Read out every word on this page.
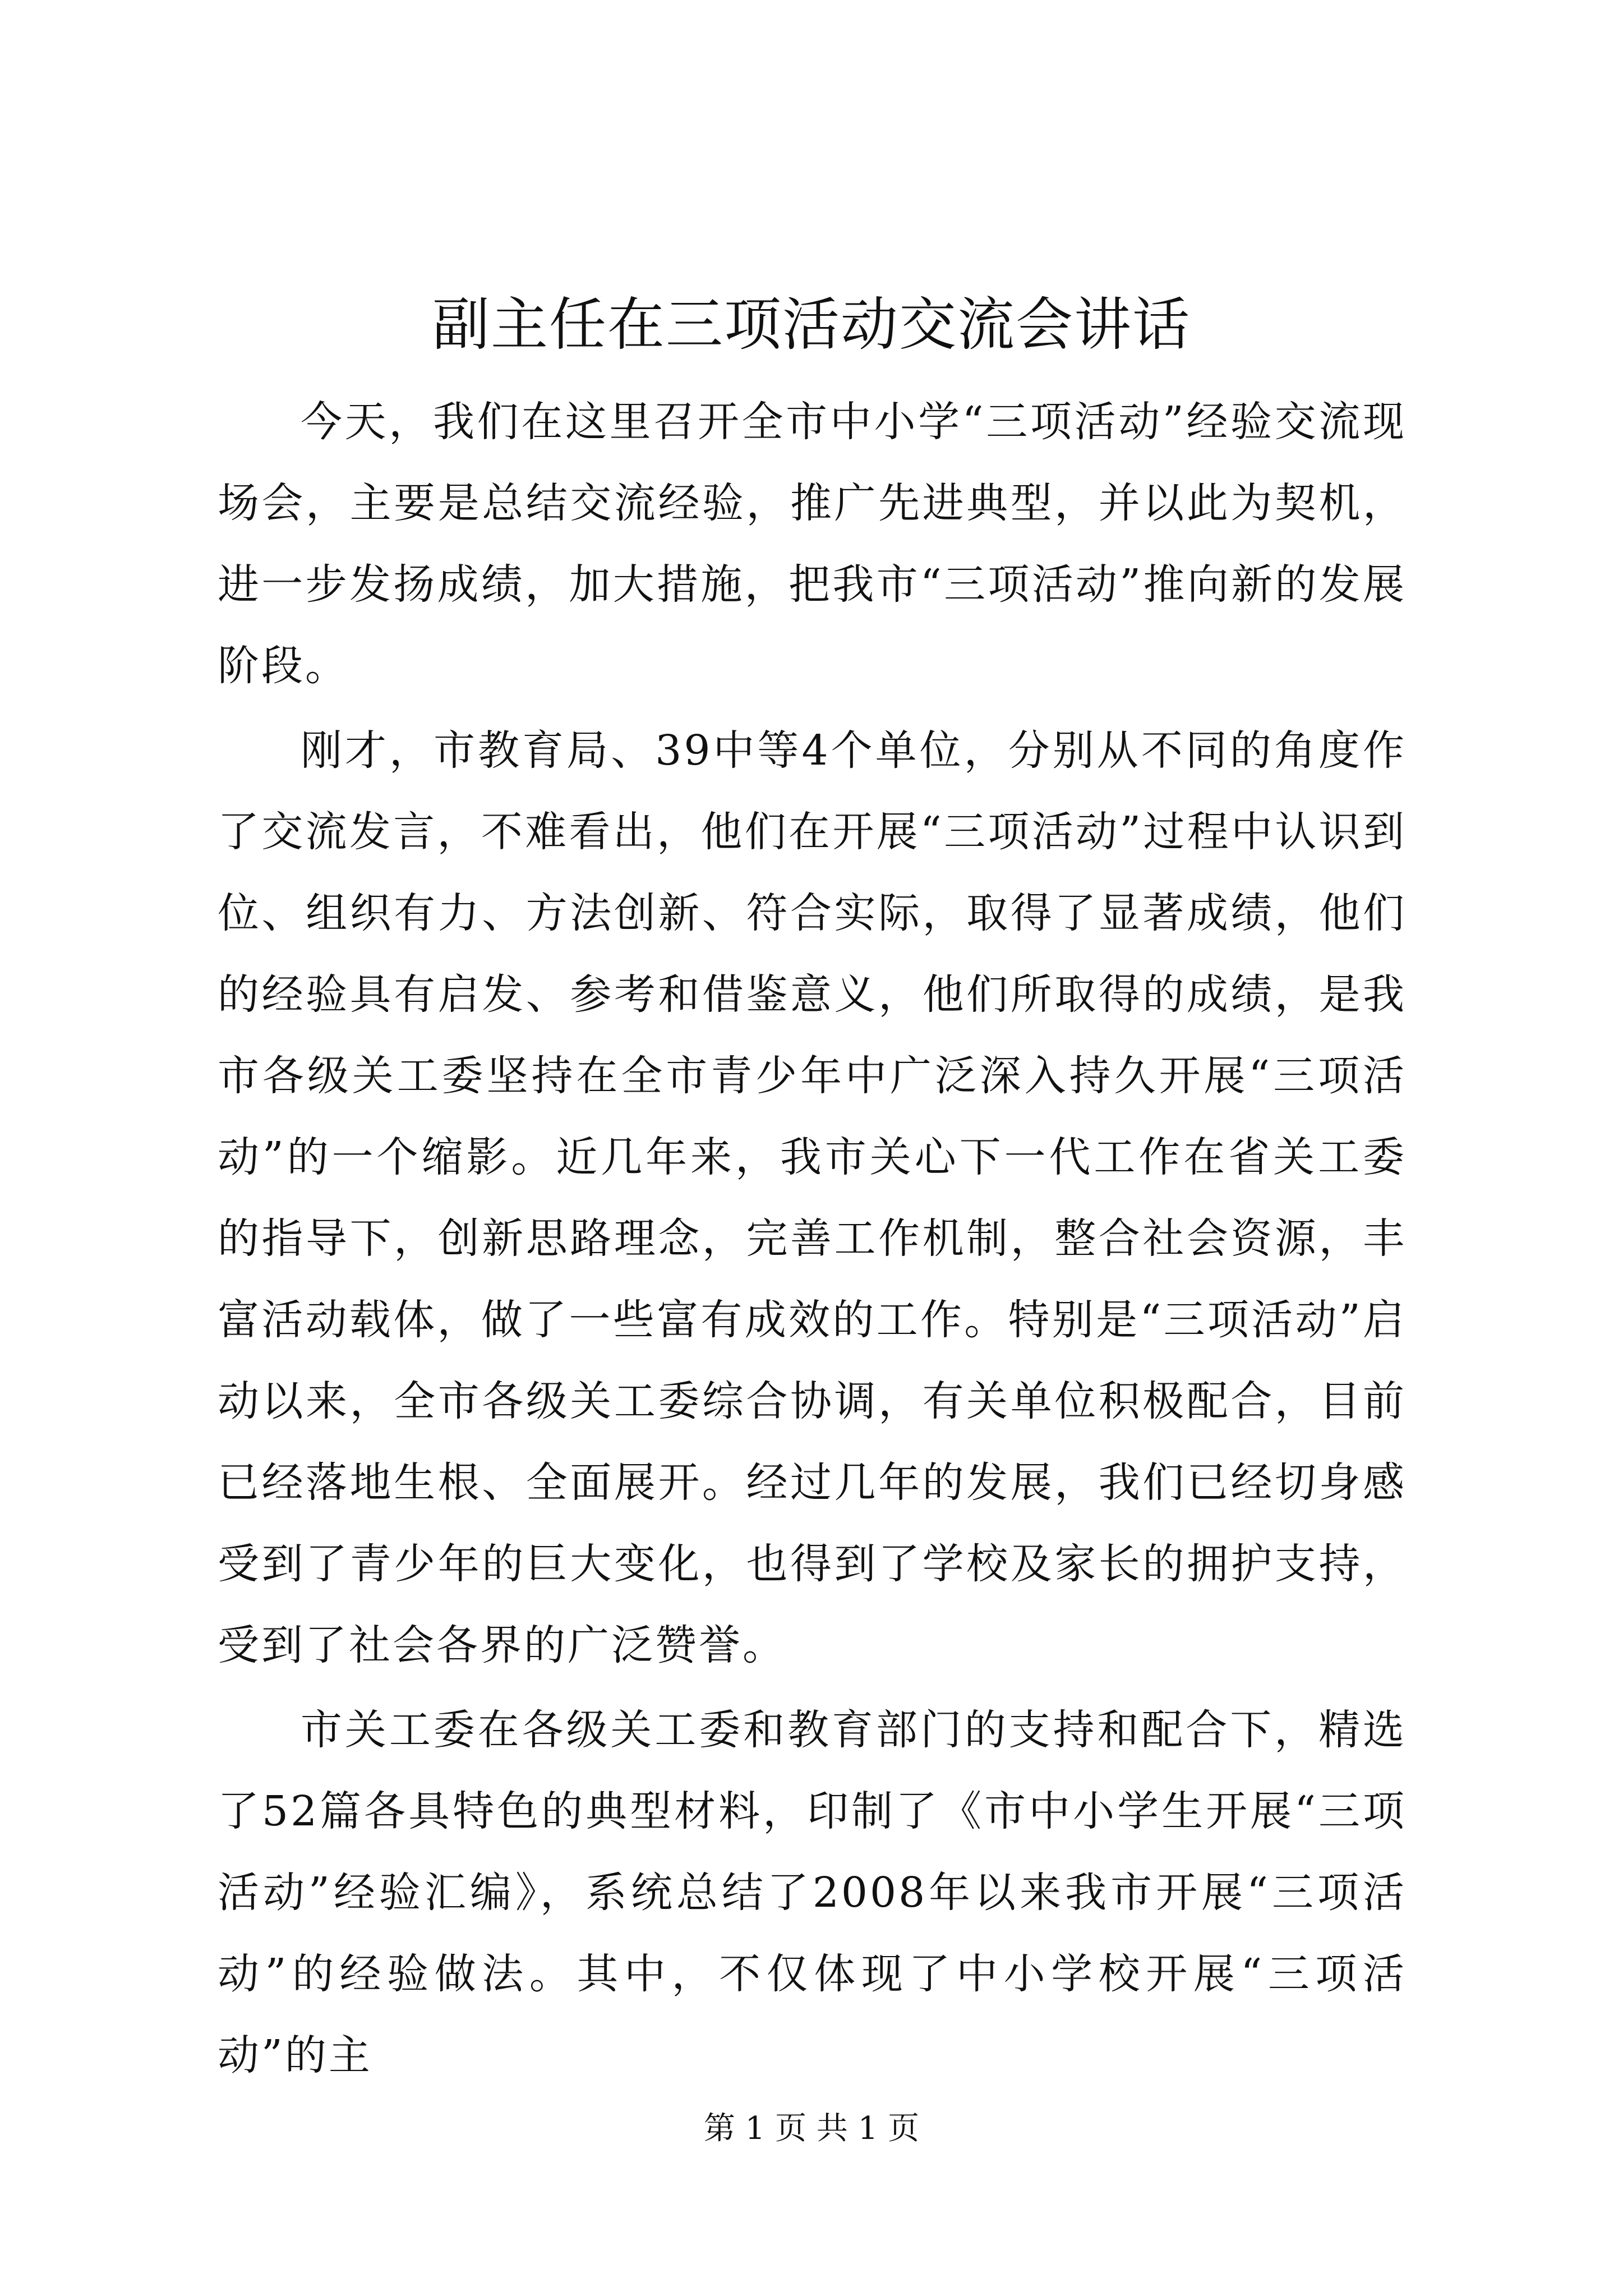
副主任在三项活动交流会讲话

今天，我们在这里召开全市中小学“三项活动”经验交流现场会，主要是总结交流经验，推广先进典型，并以此为契机，进一步发扬成绩，加大措施，把我市“三项活动”推向新的发展阶段。

刚才，市教育局、39中等4个单位，分别从不同的角度作了交流发言，不难看出，他们在开展“三项活动”过程中认识到位、组织有力、方法创新、符合实际，取得了显著成绩，他们的经验具有启发、参考和借鉴意义，他们所取得的成绩，是我市各级关工委坚持在全市青少年中广泛深入持久开展“三项活动”的一个缩影。近几年来，我市关心下一代工作在省关工委的指导下，创新思路理念，完善工作机制，整合社会资源，丰富活动载体，做了一些富有成效的工作。特别是“三项活动”启动以来，全市各级关工委综合协调，有关单位积极配合，目前已经落地生根、全面展开。经过几年的发展，我们已经切身感受到了青少年的巨大变化，也得到了学校及家长的拥护支持，受到了社会各界的广泛赞誉。

市关工委在各级关工委和教育部门的支持和配合下，精选了52篇各具特色的典型材料，印制了《市中小学生开展“三项活动”经验汇编》，系统总结了2008年以来我市开展“三项活动”的经验做法。其中，不仅体现了中小学校开展“三项活动”的主

第 1 页 共 1 页
